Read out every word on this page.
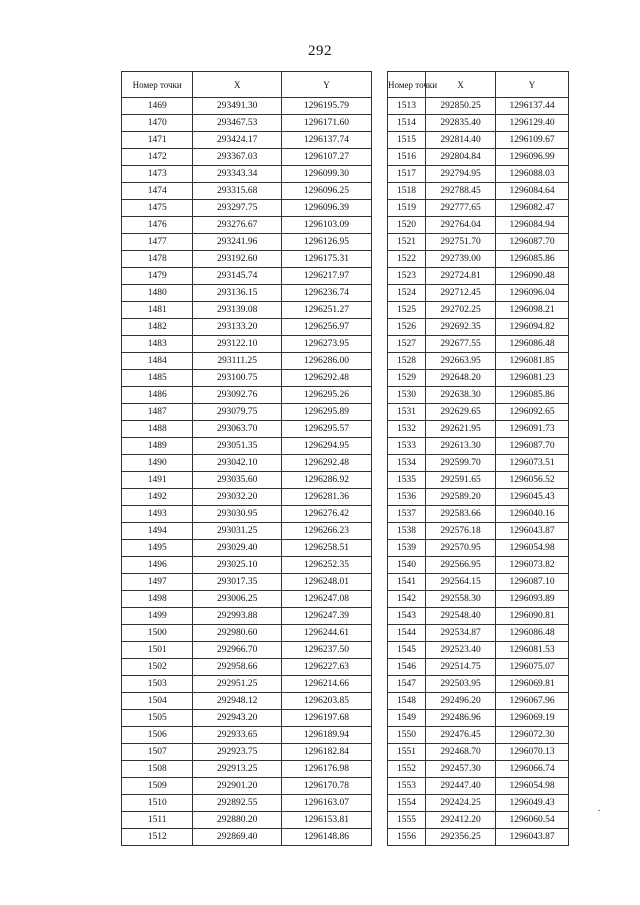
292
Номер точки	X	Y
1469	293491.30	1296195.79
1470	293467.53	1296171.60
1471	293424.17	1296137.74
1472	293367.03	1296107.27
1473	293343.34	1296099.30
1474	293315.68	1296096.25
1475	293297.75	1296096.39
1476	293276.67	1296103.09
1477	293241.96	1296126.95
1478	293192.60	1296175.31
1479	293145.74	1296217.97
1480	293136.15	1296236.74
1481	293139.08	1296251.27
1482	293133.20	1296256.97
1483	293122.10	1296273.95
1484	293111.25	1296286.00
1485	293100.75	1296292.48
1486	293092.76	1296295.26
1487	293079.75	1296295.89
1488	293063.70	1296295.57
1489	293051.35	1296294.95
1490	293042.10	1296292.48
1491	293035.60	1296286.92
1492	293032.20	1296281.36
1493	293030.95	1296276.42
1494	293031.25	1296266.23
1495	293029.40	1296258.51
1496	293025.10	1296252.35
1497	293017.35	1296248.01
1498	293006.25	1296247.08
1499	292993.88	1296247.39
1500	292980.60	1296244.61
1501	292966.70	1296237.50
1502	292958.66	1296227.63
1503	292951.25	1296214.66
1504	292948.12	1296203.85
1505	292943.20	1296197.68
1506	292933.65	1296189.94
1507	292923.75	1296182.84
1508	292913.25	1296176.98
1509	292901.20	1296170.78
1510	292892.55	1296163.07
1511	292880.20	1296153.81
1512	292869.40	1296148.86
Номер точки	X	Y
1513	292850.25	1296137.44
1514	292835.40	1296129.40
1515	292814.40	1296109.67
1516	292804.84	1296096.99
1517	292794.95	1296088.03
1518	292788.45	1296084.64
1519	292777.65	1296082.47
1520	292764.04	1296084.94
1521	292751.70	1296087.70
1522	292739.00	1296085.86
1523	292724.81	1296090.48
1524	292712.45	1296096.04
1525	292702.25	1296098.21
1526	292692.35	1296094.82
1527	292677.55	1296086.48
1528	292663.95	1296081.85
1529	292648.20	1296081.23
1530	292638.30	1296085.86
1531	292629.65	1296092.65
1532	292621.95	1296091.73
1533	292613.30	1296087.70
1534	292599.70	1296073.51
1535	292591.65	1296056.52
1536	292589.20	1296045.43
1537	292583.66	1296040.16
1538	292576.18	1296043.87
1539	292570.95	1296054.98
1540	292566.95	1296073.82
1541	292564.15	1296087.10
1542	292558.30	1296093.89
1543	292548.40	1296090.81
1544	292534.87	1296086.48
1545	292523.40	1296081.53
1546	292514.75	1296075.07
1547	292503.95	1296069.81
1548	292496.20	1296067.96
1549	292486.96	1296069.19
1550	292476.45	1296072.30
1551	292468.70	1296070.13
1552	292457.30	1296066.74
1553	292447.40	1296054.98
1554	292424.25	1296049.43
1555	292412.20	1296060.54
1556	292356.25	1296043.87
